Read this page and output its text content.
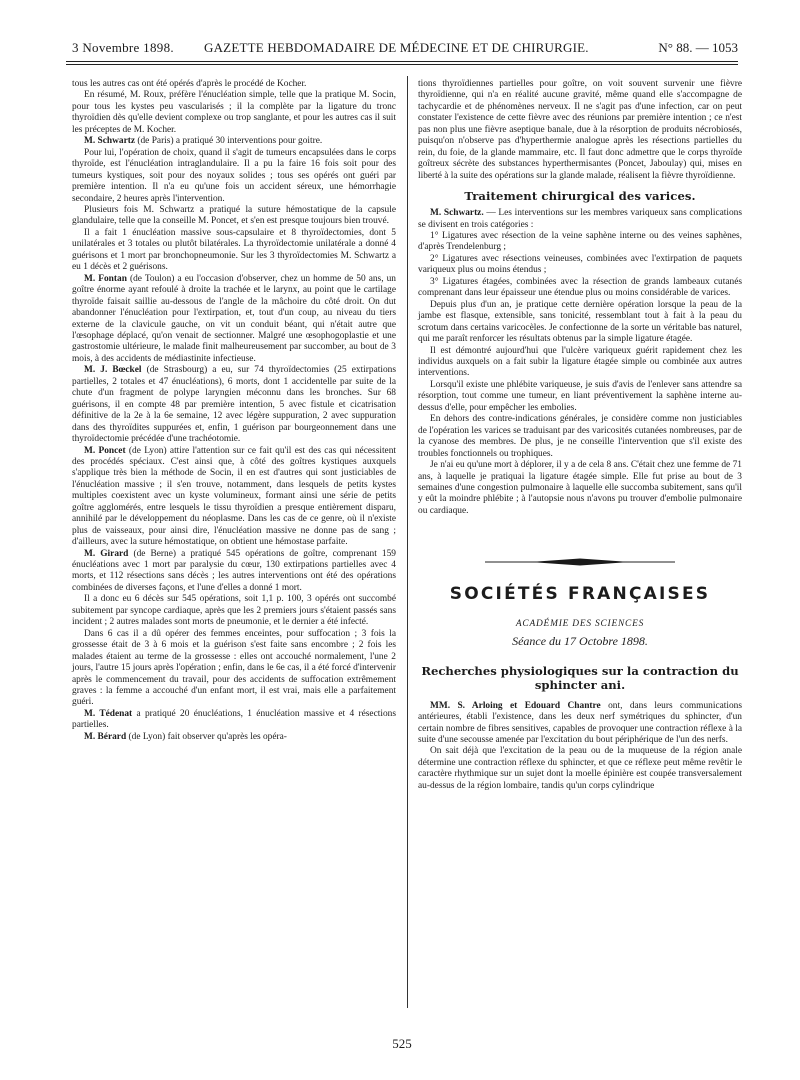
3 Novembre 1898. GAZETTE HEBDOMADAIRE DE MÉDECINE ET DE CHIRURGIE.	N° 88. — 1053

tous les autres cas ont été opérés d'après le procédé de Kocher.

En résumé, M. Roux, préfère l'énucléation simple, telle que la pratique M. Socin, pour tous les kystes peu vascularisés ; il la complète par la ligature du tronc thyroïdien dès qu'elle devient complexe ou trop sanglante, et pour les autres cas il suit les préceptes de M. Kocher.

M. Schwartz (de Paris) a pratiqué 30 interventions pour goitre.

Pour lui, l'opération de choix, quand il s'agit de tumeurs encapsulées dans le corps thyroïde, est l'énucléation intraglandulaire. Il a pu la faire 16 fois soit pour des tumeurs kystiques, soit pour des noyaux solides ; tous ses opérés ont guéri par première intention. Il n'a eu qu'une fois un accident séreux, une hémorrhagie secondaire, 2 heures après l'intervention.

Plusieurs fois M. Schwartz a pratiqué la suture hémostatique de la capsule glandulaire, telle que la conseille M. Poncet, et s'en est presque toujours bien trouvé.

Il a fait 1 énucléation massive sous-capsulaire et 8 thyroïdectomies, dont 5 unilatérales et 3 totales ou plutôt bilatérales. La thyroïdectomie unilatérale a donné 4 guérisons et 1 mort par bronchopneumonie. Sur les 3 thyroïdectomies M. Schwartz a eu 1 décès et 2 guérisons.

M. Fontan (de Toulon) a eu l'occasion d'observer, chez un homme de 50 ans, un goître énorme ayant refoulé à droite la trachée et le larynx, au point que le cartilage thyroïde faisait saillie au-dessous de l'angle de la mâchoire du côté droit. On dut abandonner l'énucléation pour l'extirpation, et, tout d'un coup, au niveau du tiers externe de la clavicule gauche, on vit un conduit béant, qui n'était autre que l'œsophage déplacé, qu'on venait de sectionner. Malgré une œsophogoplastie et une gastrostomie ultérieure, le malade finit malheureusement par succomber, au bout de 3 mois, à des accidents de médiastinite infectieuse.

M. J. Bœckel (de Strasbourg) a eu, sur 74 thyroïdectomies (25 extirpations partielles, 2 totales et 47 énucléations), 6 morts, dont 1 accidentelle par suite de la chute d'un fragment de polype laryngien méconnu dans les bronches. Sur 68 guérisons, il en compte 48 par première intention, 5 avec fistule et cicatrisation définitive de la 2e à la 6e semaine, 12 avec légère suppuration, 2 avec suppuration dans des thyroïdites suppurées et, enfin, 1 guérison par bourgeonnement dans une thyroïdectomie précédée d'une trachéotomie.

M. Poncet (de Lyon) attire l'attention sur ce fait qu'il est des cas qui nécessitent des procédés spéciaux. C'est ainsi que, à côté des goîtres kystiques auxquels s'applique très bien la méthode de Socin, il en est d'autres qui sont justiciables de l'énucléation massive ; il s'en trouve, notamment, dans lesquels de petits kystes multiples coexistent avec un kyste volumineux, formant ainsi une série de petits goître agglomérés, entre lesquels le tissu thyroïdien a presque entièrement disparu, annihilé par le développement du néoplasme. Dans les cas de ce genre, où il n'existe plus de vaisseaux, pour ainsi dire, l'énucléation massive ne donne pas de sang ; d'ailleurs, avec la suture hémostatique, on obtient une hémostase parfaite.

M. Girard (de Berne) a pratiqué 545 opérations de goître, comprenant 159 énucléations avec 1 mort par paralysie du cœur, 130 extirpations partielles avec 4 morts, et 112 résections sans décès ; les autres interventions ont été des opérations combinées de diverses façons, et l'une d'elles a donné 1 mort.

Il a donc eu 6 décès sur 545 opérations, soit 1,1 p. 100, 3 opérés ont succombé subitement par syncope cardiaque, après que les 2 premiers jours s'étaient passés sans incident ; 2 autres malades sont morts de pneumonie, et le dernier a été infecté.

Dans 6 cas il a dû opérer des femmes enceintes, pour suffocation ; 3 fois la grossesse était de 3 à 6 mois et la guérison s'est faite sans encombre ; 2 fois les malades étaient au terme de la grossesse : elles ont accouché normalement, l'une 2 jours, l'autre 15 jours après l'opération ; enfin, dans le 6e cas, il a été forcé d'intervenir après le commencement du travail, pour des accidents de suffocation extrêmement graves : la femme a accouché d'un enfant mort, il est vrai, mais elle a parfaitement guéri.

M. Tédenat a pratiqué 20 énucléations, 1 énucléation massive et 4 résections partielles.

M. Bérard (de Lyon) fait observer qu'après les opéra-

tions thyroïdiennes partielles pour goître, on voit souvent survenir une fièvre thyroïdienne, qui n'a en réalité aucune gravité, même quand elle s'accompagne de tachycardie et de phénomènes nerveux. Il ne s'agit pas d'une infection, car on peut constater l'existence de cette fièvre avec des réunions par première intention ; ce n'est pas non plus une fièvre aseptique banale, due à la résorption de produits nécrobiosés, puisqu'on n'observe pas d'hyperthermie analogue après les résections partielles du rein, du foie, de la glande mammaire, etc. Il faut donc admettre que le corps thyroïde goîtreux sécrète des substances hyperthermisantes (Poncet, Jaboulay) qui, mises en liberté à la suite des opérations sur la glande malade, réalisent la fièvre thyroïdienne.

Traitement chirurgical des varices.

M. Schwartz. — Les interventions sur les membres variqueux sans complications se divisent en trois catégories :

1° Ligatures avec résection de la veine saphène interne ou des veines saphènes, d'après Trendelenburg ;

2° Ligatures avec résections veineuses, combinées avec l'extirpation de paquets variqueux plus ou moins étendus ;

3° Ligatures étagées, combinées avec la résection de grands lambeaux cutanés comprenant dans leur épaisseur une étendue plus ou moins considérable de varices.

Depuis plus d'un an, je pratique cette dernière opération lorsque la peau de la jambe est flasque, extensible, sans tonicité, ressemblant tout à fait à la peau du scrotum dans certains varicocèles. Je confectionne de la sorte un véritable bas naturel, qui me paraît renforcer les résultats obtenus par la simple ligature étagée.

Il est démontré aujourd'hui que l'ulcère variqueux guérit rapidement chez les individus auxquels on a fait subir la ligature étagée simple ou combinée aux autres interventions.

Lorsqu'il existe une phlébite variqueuse, je suis d'avis de l'enlever sans attendre sa résorption, tout comme une tumeur, en liant préventivement la saphène interne au-dessus d'elle, pour empêcher les embolies.

En dehors des contre-indications générales, je considère comme non justiciables de l'opération les varices se traduisant par des varicosités cutanées nombreuses, par de la cyanose des membres. De plus, je ne conseille l'intervention que s'il existe des troubles fonctionnels ou trophiques.

Je n'ai eu qu'une mort à déplorer, il y a de cela 8 ans. C'était chez une femme de 71 ans, à laquelle je pratiquai la ligature étagée simple. Elle fut prise au bout de 3 semaines d'une congestion pulmonaire à laquelle elle succomba subitement, sans qu'il y eût la moindre phlébite ; à l'autopsie nous n'avons pu trouver d'embolie pulmonaire ou cardiaque.

SOCIÉTÉS FRANÇAISES
ACADÉMIE DES SCIENCES
Séance du 17 Octobre 1898.
Recherches physiologiques sur la contraction du sphincter ani.

MM. S. Arloing et Edouard Chantre ont, dans leurs communications antérieures, établi l'existence, dans les deux nerf symétriques du sphincter, d'un certain nombre de fibres sensitives, capables de provoquer une contraction réflexe à la suite d'une secousse amenée par l'excitation du bout périphérique de l'un des nerfs.

On sait déjà que l'excitation de la peau ou de la muqueuse de la région anale détermine une contraction réflexe du sphincter, et que ce réflexe peut même revêtir le caractère rhythmique sur un sujet dont la moelle épinière est coupée transversalement au-dessus de la région lombaire, tandis qu'un corps cylindrique

525
